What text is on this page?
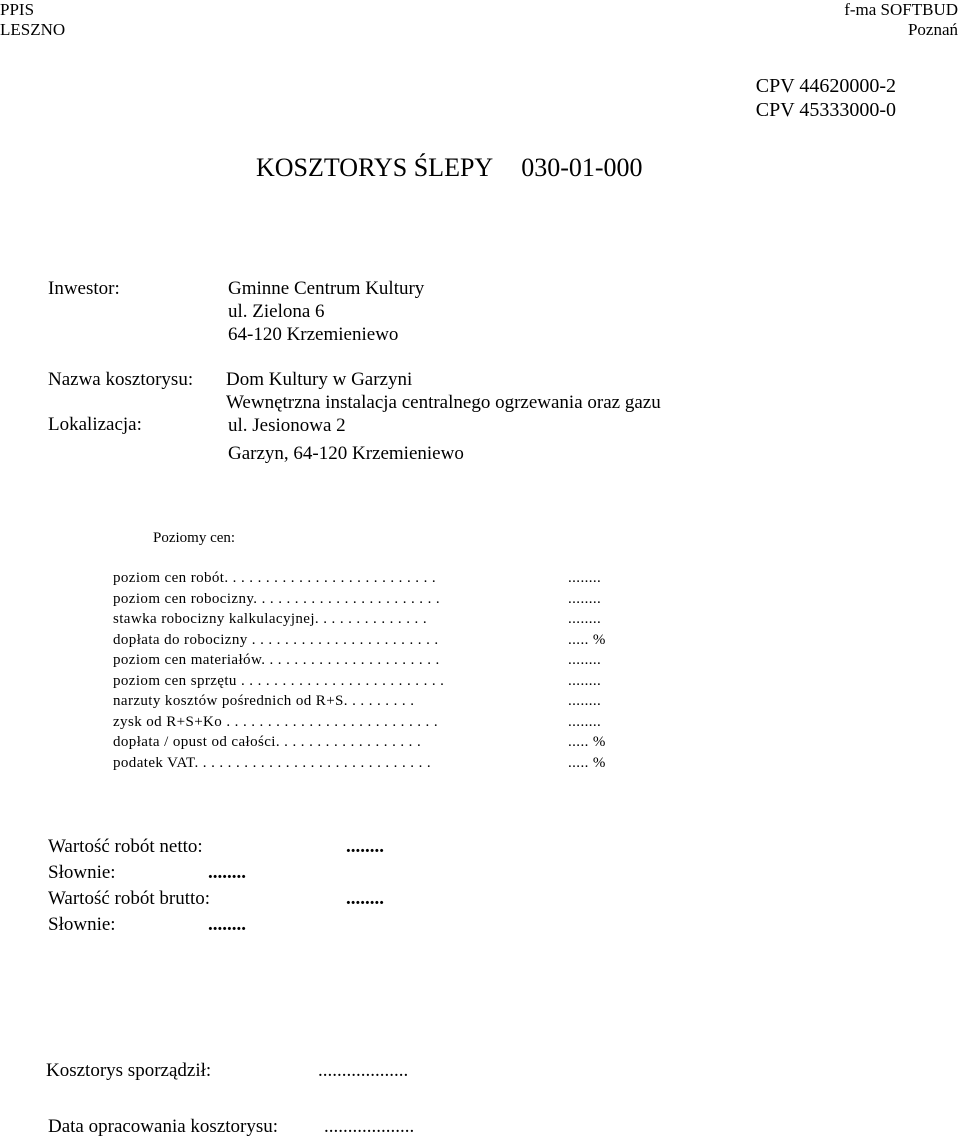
PPIS
LESZNO
f-ma SOFTBUD
Poznań
CPV 44620000-2
CPV 45333000-0
KOSZTORYS ŚLEPY 030-01-000
Inwestor:	Gminne Centrum Kultury
ul. Zielona 6
64-120 Krzemieniewo
Nazwa kosztorysu: Dom Kultury w Garzyni
Wewnętrzna instalacja centralnego ogrzewania oraz gazu
Lokalizacja:	ul. Jesionowa 2
Garzyn, 64-120 Krzemieniewo
Poziomy cen:
poziom cen robót. . . . . . . . . . . . . . . . . . . . . . . . . .	........
poziom cen robocizny. . . . . . . . . . . . . . . . . . . . . . .	........
stawka robocizny kalkulacyjnej. . . . . . . . . . . . . .	........
dopłata do robocizny . . . . . . . . . . . . . . . . . . . . . . .	..... %
poziom cen materiałów. . . . . . . . . . . . . . . . . . . . . .	........
poziom cen sprzętu . . . . . . . . . . . . . . . . . . . . . . . . .	........
narzuty kosztów pośrednich od R+S. . . . . . . . .	........
zysk od R+S+Ko . . . . . . . . . . . . . . . . . . . . . . . . . .	........
dopłata / opust od całości. . . . . . . . . . . . . . . . . .	..... %
podatek VAT. . . . . . . . . . . . . . . . . . . . . . . . . . . . .	..... %
Wartość robót netto:	........
Słownie:	........
Wartość robót brutto:	........
Słownie:	........
Kosztorys sporządził:	...................
Data opracowania kosztorysu: ...................
